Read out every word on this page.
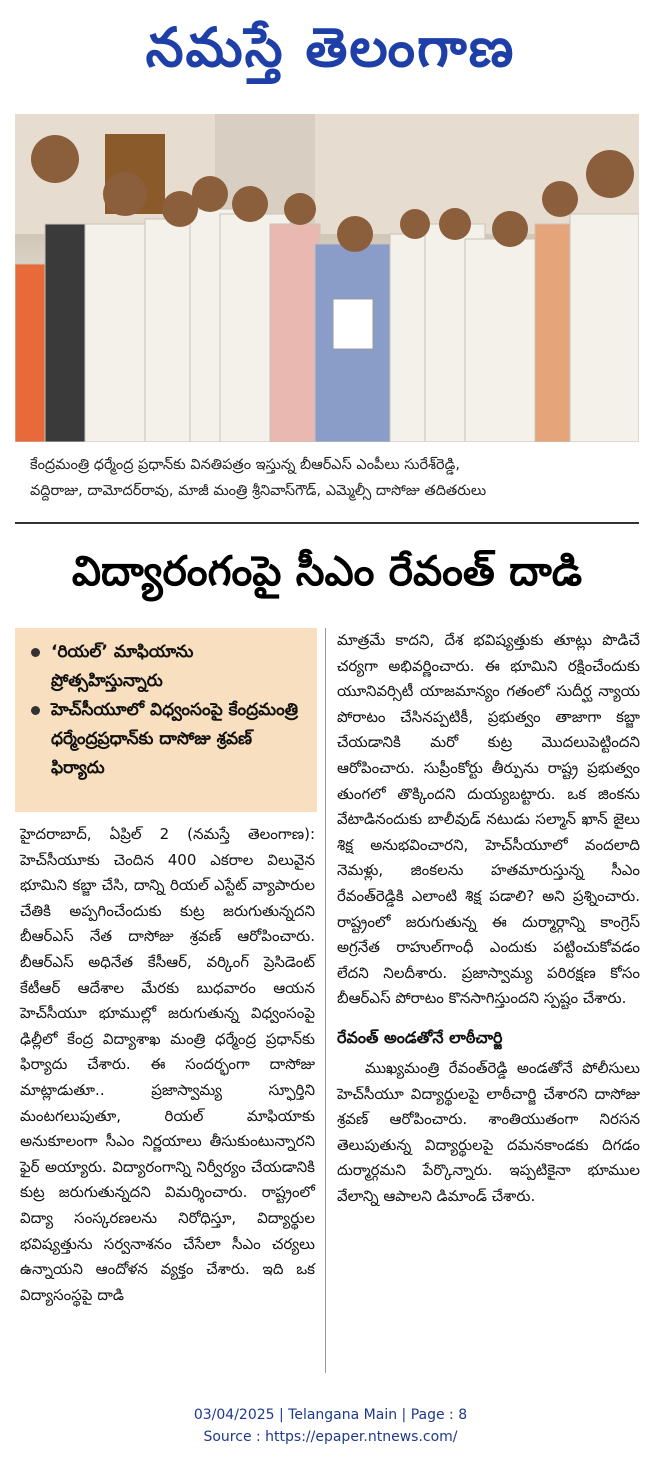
నమస్తే తెలంగాణ
కేంద్రమంత్రి ధర్మేంద్ర ప్రధాన్‌కు వినతిపత్రం ఇస్తున్న బీఆర్‌ఎస్ ఎంపీలు సురేశ్‌రెడ్డి,
వద్దిరాజు, దామోదర్‌రావు, మాజీ మంత్రి శ్రీనివాస్‌గౌడ్, ఎమ్మెల్సీ దాసోజు తదితరులు
విద్యారంగంపై సీఎం రేవంత్ దాడి
‘రియల్’ మాఫియాను ప్రోత్సహిస్తున్నారు
హెచ్‌సీయూలో విధ్వంసంపై కేంద్రమంత్రి ధర్మేంద్రప్రధాన్‌కు దాసోజు శ్రవణ్ ఫిర్యాదు

హైదరాబాద్, ఏప్రిల్ 2 (నమస్తే తెలంగాణ): హెచ్‌సీయూకు చెందిన 400 ఎకరాల విలువైన భూమిని కబ్జా చేసి, దాన్ని రియల్ ఎస్టేట్ వ్యాపారుల చేతికి అప్పగించేందుకు కుట్ర జరుగుతున్నదని బీఆర్‌ఎస్ నేత దాసోజు శ్రవణ్ ఆరోపించారు. బీఆర్‌ఎస్ అధినేత కేసీఆర్, వర్కింగ్ ప్రెసిడెంట్ కేటీఆర్ ఆదేశాల మేరకు బుధవారం ఆయన హెచ్‌సీయూ భూముల్లో జరుగుతున్న విధ్వంసంపై ఢిల్లీలో కేంద్ర విద్యాశాఖ మంత్రి ధర్మేంద్ర ప్రధాన్‌కు ఫిర్యాదు చేశారు. ఈ సందర్భంగా దాసోజు మాట్లాడుతూ.. ప్రజాస్వామ్య స్ఫూర్తిని మంటగలుపుతూ, రియల్ మాఫియాకు అనుకూలంగా సీఎం నిర్ణయాలు తీసుకుంటున్నారని ఫైర్ అయ్యారు. విద్యారంగాన్ని నిర్వీర్యం చేయడానికి కుట్ర జరుగుతున్నదని విమర్శించారు. రాష్ట్రంలో విద్యా సంస్కరణలను నిరోధిస్తూ, విద్యార్థుల భవిష్యత్తును సర్వనాశనం చేసేలా సీఎం చర్యలు ఉన్నాయని ఆందోళన వ్యక్తం చేశారు. ఇది ఒక విద్యాసంస్థపై దాడి

మాత్రమే కాదని, దేశ భవిష్యత్తుకు తూట్లు పొడిచే చర్యగా అభివర్ణించారు. ఈ భూమిని రక్షించేందుకు యూనివర్సిటీ యాజమాన్యం గతంలో సుదీర్ఘ న్యాయ పోరాటం చేసినప్పటికీ, ప్రభుత్వం తాజాగా కబ్జా చేయడానికి మరో కుట్ర మొదలుపెట్టిందని ఆరోపించారు. సుప్రీంకోర్టు తీర్పును రాష్ట్ర ప్రభుత్వం తుంగలో తొక్కిందని దుయ్యబట్టారు. ఒక జింకను వేటాడినందుకు బాలీవుడ్ నటుడు సల్మాన్ ఖాన్ జైలు శిక్ష అనుభవించారని, హెచ్‌సీయూలో వందలాది నెమళ్లు, జింకలను హతమారుస్తున్న సీఎం రేవంత్‌రెడ్డికి ఎలాంటి శిక్ష పడాలి? అని ప్రశ్నించారు. రాష్ట్రంలో జరుగుతున్న ఈ దుర్మార్గాన్ని కాంగ్రెస్ అగ్రనేత రాహుల్‌గాంధీ ఎందుకు పట్టించుకోవడం లేదని నిలదీశారు. ప్రజాస్వామ్య పరిరక్షణ కోసం బీఆర్‌ఎస్ పోరాటం కొనసాగిస్తుందని స్పష్టం చేశారు.

రేవంత్ అండతోనే లాఠీచార్జి

ముఖ్యమంత్రి రేవంత్‌రెడ్డి అండతోనే పోలీసులు హెచ్‌సీయూ విద్యార్థులపై లాఠీచార్జి చేశారని దాసోజు శ్రవణ్ ఆరోపించారు. శాంతియుతంగా నిరసన తెలుపుతున్న విద్యార్థులపై దమనకాండకు దిగడం దుర్మార్గమని పేర్కొన్నారు. ఇప్పటికైనా భూముల వేలాన్ని ఆపాలని డిమాండ్ చేశారు.

03/04/2025 | Telangana Main | Page : 8
Source : https://epaper.ntnews.com/
